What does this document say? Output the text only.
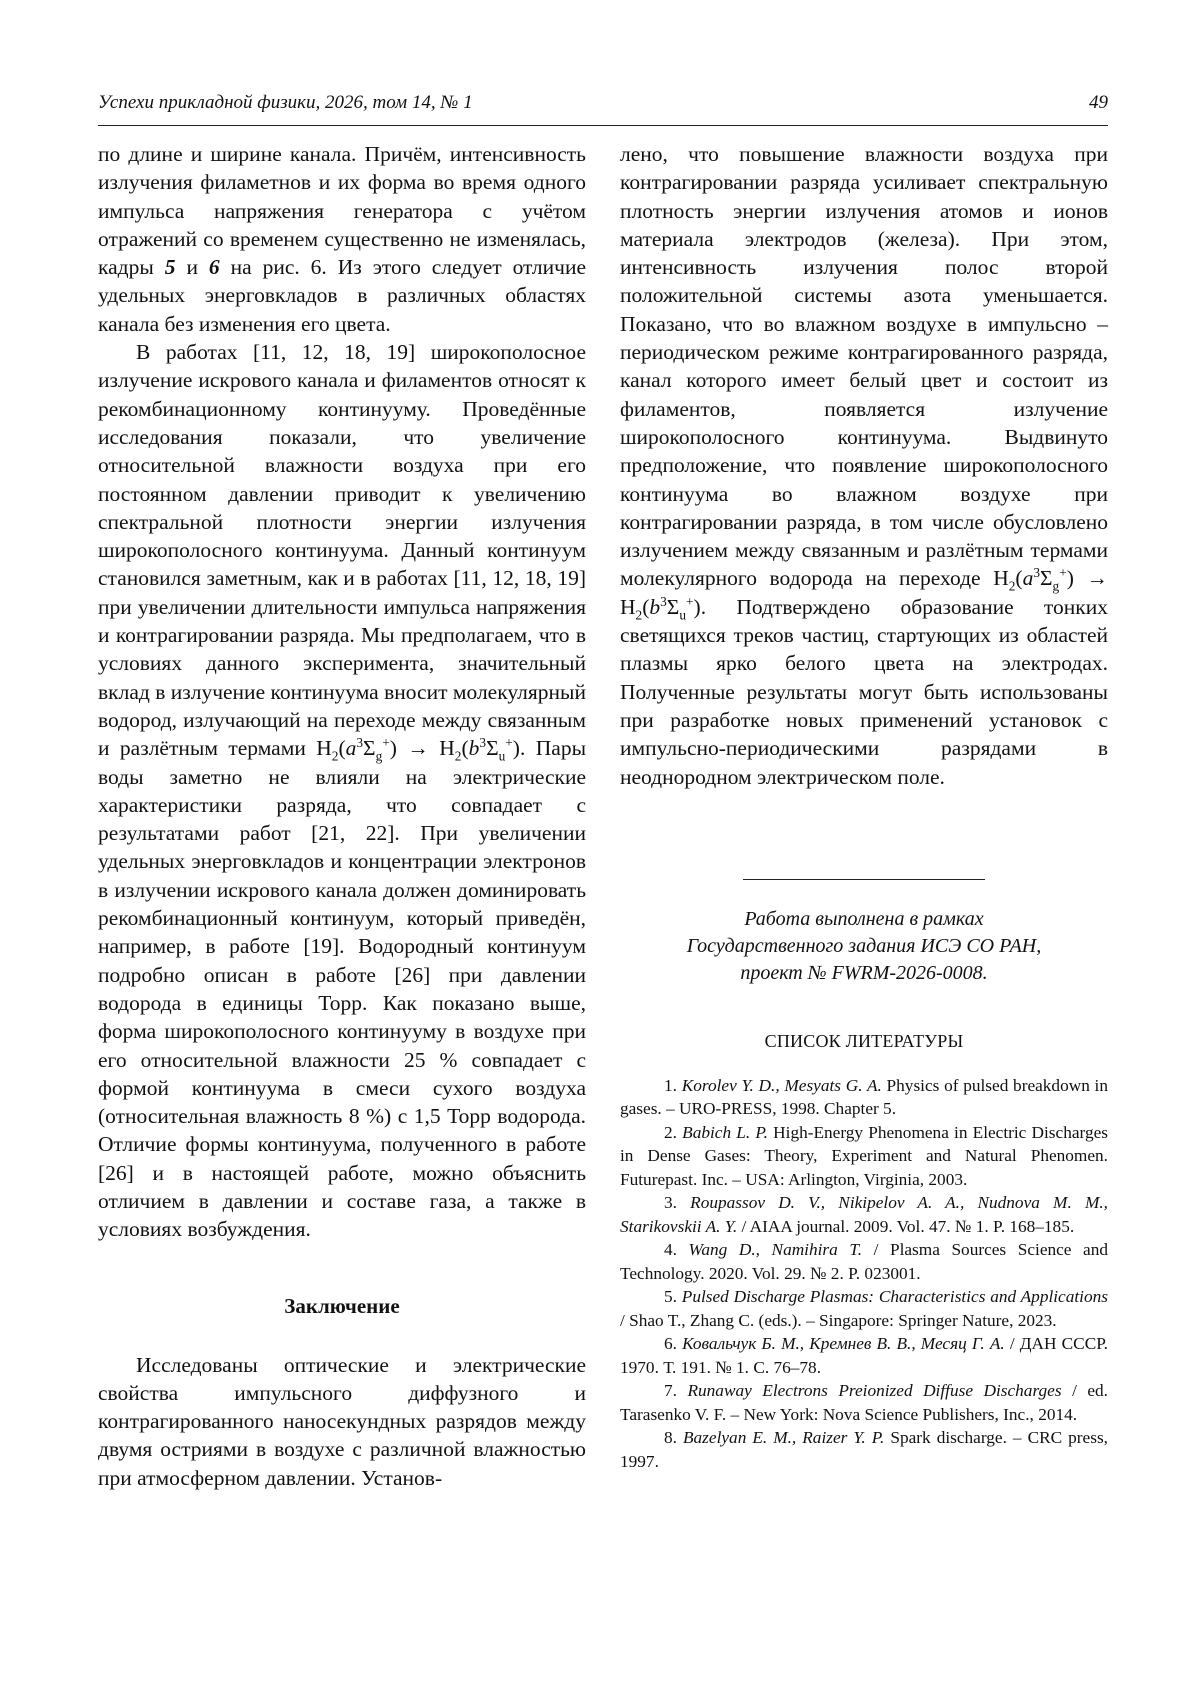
Успехи прикладной физики, 2026, том 14, № 1	49

по длине и ширине канала. Причём, интенсивность излучения филаметнов и их форма во время одного импульса напряжения генератора с учётом отражений со временем существенно не изменялась, кадры 5 и 6 на рис. 6. Из этого следует отличие удельных энерговкладов в различных областях канала без изменения его цвета.

В работах [11, 12, 18, 19] широкополосное излучение искрового канала и филаментов относят к рекомбинационному континууму. Проведённые исследования показали, что увеличение относительной влажности воздуха при его постоянном давлении приводит к увеличению спектральной плотности энергии излучения широкополосного континуума. Данный континуум становился заметным, как и в работах [11, 12, 18, 19] при увеличении длительности импульса напряжения и контрагировании разряда. Мы предполагаем, что в условиях данного эксперимента, значительный вклад в излучение континуума вносит молекулярный водород, излучающий на переходе между связанным и разлётным термами $H_2(a^3\Sigma_g^+) \to H_2(b^3\Sigma_u^+)$. Пары воды заметно не влияли на электрические характеристики разряда, что совпадает с результатами работ [21, 22]. При увеличении удельных энерговкладов и концентрации электронов в излучении искрового канала должен доминировать рекомбинационный континуум, который приведён, например, в работе [19]. Водородный континуум подробно описан в работе [26] при давлении водорода в единицы Торр. Как показано выше, форма широкополосного континууму в воздухе при его относительной влажности 25 % совпадает с формой континуума в смеси сухого воздуха (относительная влажность 8 %) с 1,5 Торр водорода. Отличие формы континуума, полученного в работе [26] и в настоящей работе, можно объяснить отличием в давлении и составе газа, а также в условиях возбуждения.

Заключение

Исследованы оптические и электрические свойства импульсного диффузного и контрагированного наносекундных разрядов между двумя остриями в воздухе с различной влажностью при атмосферном давлении. Установ-

лено, что повышение влажности воздуха при контрагировании разряда усиливает спектральную плотность энергии излучения атомов и ионов материала электродов (железа). При этом, интенсивность излучения полос второй положительной системы азота уменьшается. Показано, что во влажном воздухе в импульсно – периодическом режиме контрагированного разряда, канал которого имеет белый цвет и состоит из филаментов, появляется излучение широкополосного континуума. Выдвинуто предположение, что появление широкополосного континуума во влажном воздухе при контрагировании разряда, в том числе обусловлено излучением между связанным и разлётным термами молекулярного водорода на переходе $H_2(a^3\Sigma_g^+) \to H_2(b^3\Sigma_u^+)$. Подтверждено образование тонких светящихся треков частиц, стартующих из областей плазмы ярко белого цвета на электродах. Полученные результаты могут быть использованы при разработке новых применений установок с импульсно-периодическими разрядами в неоднородном электрическом поле.

Работа выполнена в рамках
Государственного задания ИСЭ СО РАН,
проект № FWRM-2026-0008.
СПИСОК ЛИТЕРАТУРЫ

1. Korolev Y. D., Mesyats G. A. Physics of pulsed breakdown in gases. – URO-PRESS, 1998. Chapter 5.

2. Babich L. P. High-Energy Phenomena in Electric Discharges in Dense Gases: Theory, Experiment and Natural Phenomen. Futurepast. Inc. – USA: Arlington, Virginia, 2003.

3. Roupassov D. V., Nikipelov A. A., Nudnova M. M., Starikovskii A. Y. / AIAA journal. 2009. Vol. 47. № 1. P. 168–185.

4. Wang D., Namihira T. / Plasma Sources Science and Technology. 2020. Vol. 29. № 2. P. 023001.

5. Pulsed Discharge Plasmas: Characteristics and Applications / Shao T., Zhang C. (eds.). – Singapore: Springer Nature, 2023.

6. Ковальчук Б. М., Кремнев В. В., Месяц Г. А. / ДАН СССР. 1970. Т. 191. № 1. С. 76–78.

7. Runaway Electrons Preionized Diffuse Discharges / ed. Tarasenko V. F. – New York: Nova Science Publishers, Inc., 2014.

8. Bazelyan E. M., Raizer Y. P. Spark discharge. – CRC press, 1997.
